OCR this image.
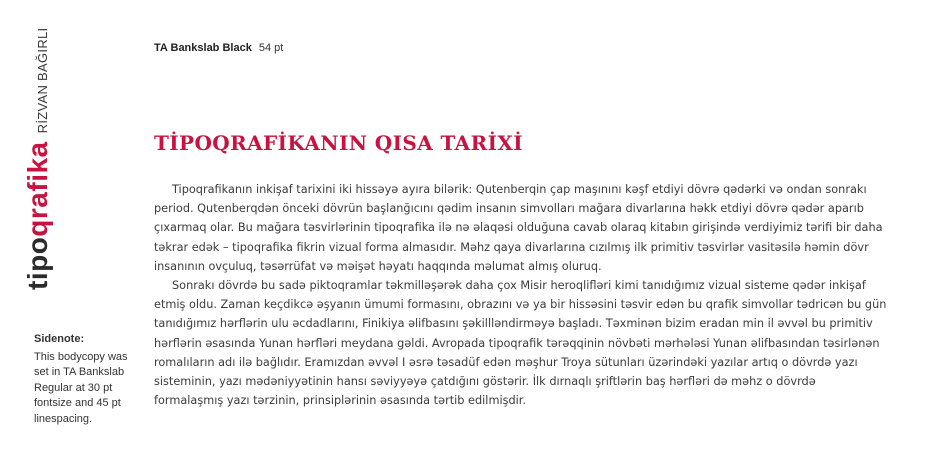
tipoqrafika
RİZVAN BAĞIRLI
Sidenote:
This bodycopy was
set in TA Bankslab
Regular at 30 pt
fontsize and 45 pt
linespacing.
TA Bankslab Black 54 pt
TİPOQRAFİKANIN QISA TARİXİ
Tipoqrafikanın inkişaf tarixini iki hissəyə ayıra bilərik: Qutenberqin çap maşınını kəşf etdiyi dövrə qədərki və ondan sonrakı
period. Qutenberqdən önceki dövrün başlanğıcını qədim insanın simvolları mağara divarlarına həkk etdiyi dövrə qədər aparıb
çıxarmaq olar. Bu mağara təsvirlərinin tipoqrafika ilə nə əlaqəsi olduğuna cavab olaraq kitabın girişində verdiyimiz tərifi bir daha
təkrar edək – tipoqrafika fikrin vizual forma almasıdır. Məhz qaya divarlarına cızılmış ilk primitiv təsvirlər vasitəsilə həmin dövr
insanının ovçuluq, təsərrüfat və məişət həyatı haqqında məlumat almış oluruq.
Sonrakı dövrdə bu sadə piktoqramlar təkmilləşərək daha çox Misir heroqlifləri kimi tanıdığımız vizual sisteme qədər inkişaf
etmiş oldu. Zaman keçdikcə əşyanın ümumi formasını, obrazını və ya bir hissəsini təsvir edən bu qrafik simvollar tədricən bu gün
tanıdığımız hərflərin ulu əcdadlarını, Finikiya əlifbasını şəkillləndirməyə başladı. Təxminən bizim eradan min il əvvəl bu primitiv
hərflərin əsasında Yunan hərfləri meydana gəldi. Avropada tipoqrafik tərəqqinin növbəti mərhələsi Yunan əlifbasından təsirlənən
romalıların adı ilə bağlıdır. Eramızdan əvvəl I əsrə təsadüf edən məşhur Troya sütunları üzərindəki yazılar artıq o dövrdə yazı
sisteminin, yazı mədəniyyətinin hansı səviyyəyə çatdığını göstərir. İlk dırnaqlı şriftlərin baş hərfləri də məhz o dövrdə
formalaşmış yazı tərzinin, prinsiplərinin əsasında tərtib edilmişdir.
